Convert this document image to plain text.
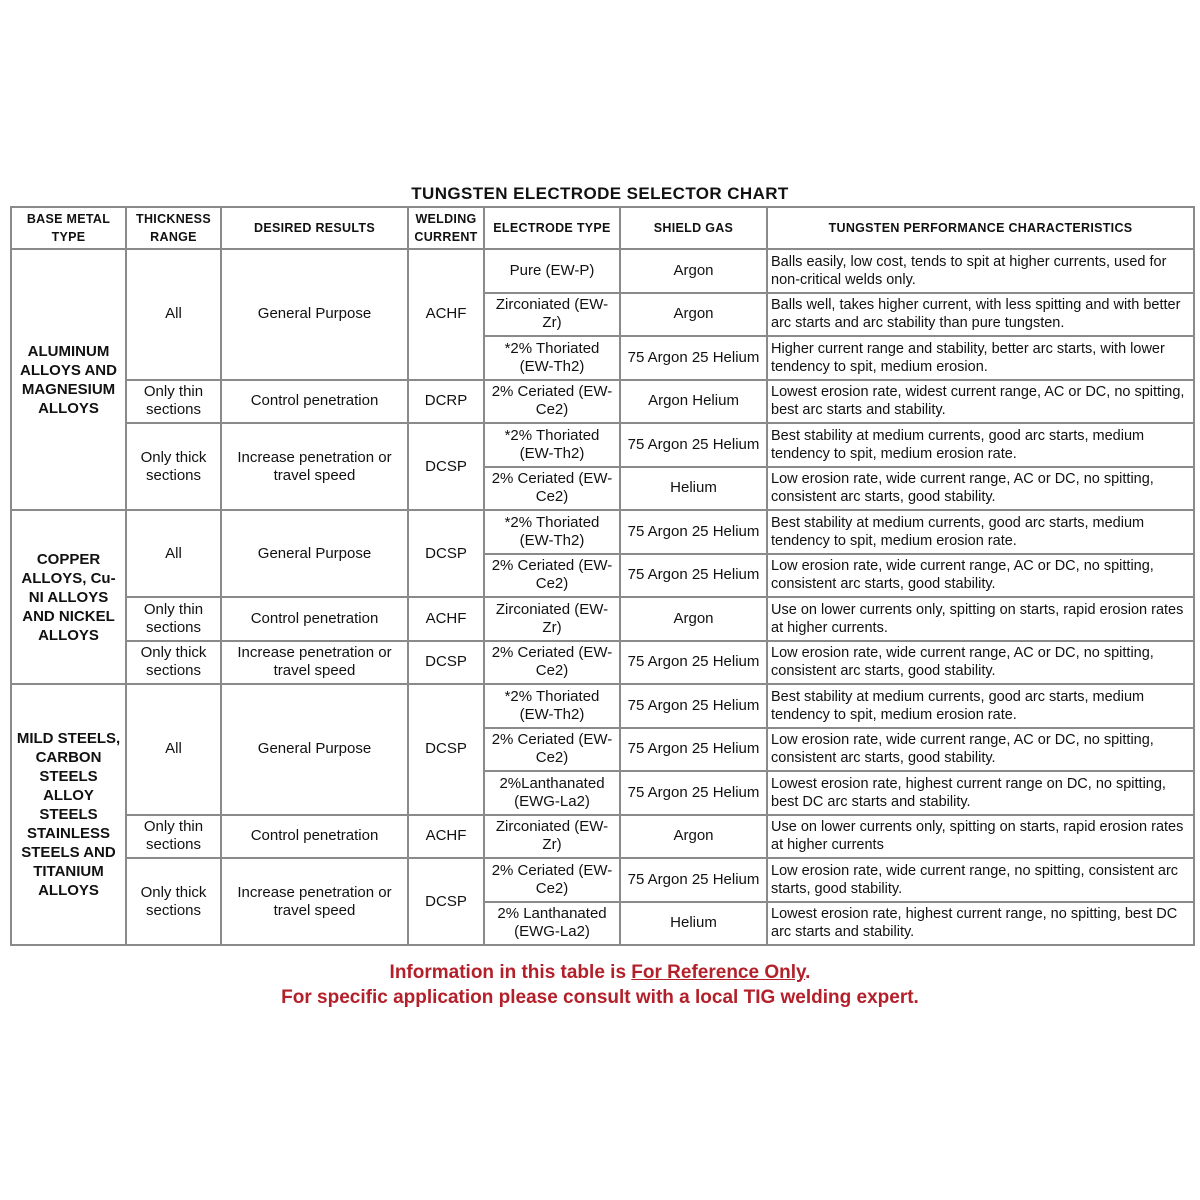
TUNGSTEN ELECTRODE SELECTOR CHART
BASE METAL TYPE	THICKNESS RANGE	DESIRED RESULTS	WELDING CURRENT	ELECTRODE TYPE	SHIELD GAS	TUNGSTEN PERFORMANCE CHARACTERISTICS
ALUMINUM ALLOYS AND MAGNESIUM ALLOYS	All	General Purpose	ACHF	Pure (EW-P)	Argon	Balls easily, low cost, tends to spit at higher currents, used for non-critical welds only.
				Zirconiated (EW-Zr)	Argon	Balls well, takes higher current, with less spitting and with better arc starts and arc stability than pure tungsten.
				*2% Thoriated (EW-Th2)	75 Argon 25 Helium	Higher current range and stability, better arc starts, with lower tendency to spit, medium erosion.
	Only thin sections	Control penetration	DCRP	2% Ceriated (EW-Ce2)	Argon Helium	Lowest erosion rate, widest current range, AC or DC, no spitting, best arc starts and stability.
	Only thick sections	Increase penetration or travel speed	DCSP	*2% Thoriated (EW-Th2)	75 Argon 25 Helium	Best stability at medium currents, good arc starts, medium tendency to spit, medium erosion rate.
				2% Ceriated (EW-Ce2)	Helium	Low erosion rate, wide current range, AC or DC, no spitting, consistent arc starts, good stability.
COPPER ALLOYS, Cu-NI ALLOYS AND NICKEL ALLOYS	All	General Purpose	DCSP	*2% Thoriated (EW-Th2)	75 Argon 25 Helium	Best stability at medium currents, good arc starts, medium tendency to spit, medium erosion rate.
				2% Ceriated (EW-Ce2)	75 Argon 25 Helium	Low erosion rate, wide current range, AC or DC, no spitting, consistent arc starts, good stability.
	Only thin sections	Control penetration	ACHF	Zirconiated (EW-Zr)	Argon	Use on lower currents only, spitting on starts, rapid erosion rates at higher currents.
	Only thick sections	Increase penetration or travel speed	DCSP	2% Ceriated (EW-Ce2)	75 Argon 25 Helium	Low erosion rate, wide current range, AC or DC, no spitting, consistent arc starts, good stability.
MILD STEELS, CARBON STEELS ALLOY STEELS STAINLESS STEELS AND TITANIUM ALLOYS	All	General Purpose	DCSP	*2% Thoriated (EW-Th2)	75 Argon 25 Helium	Best stability at medium currents, good arc starts, medium tendency to spit, medium erosion rate.
				2% Ceriated (EW-Ce2)	75 Argon 25 Helium	Low erosion rate, wide current range, AC or DC, no spitting, consistent arc starts, good stability.
				2%Lanthanated (EWG-La2)	75 Argon 25 Helium	Lowest erosion rate, highest current range on DC, no spitting, best DC arc starts and stability.
	Only thin sections	Control penetration	ACHF	Zirconiated (EW-Zr)	Argon	Use on lower currents only, spitting on starts, rapid erosion rates at higher currents
	Only thick sections	Increase penetration or travel speed	DCSP	2% Ceriated (EW-Ce2)	75 Argon 25 Helium	Low erosion rate, wide current range, no spitting, consistent arc starts, good stability.
				2% Lanthanated (EWG-La2)	Helium	Lowest erosion rate, highest current range, no spitting, best DC arc starts and stability.
Information in this table is For Reference Only.
For specific application please consult with a local TIG welding expert.
